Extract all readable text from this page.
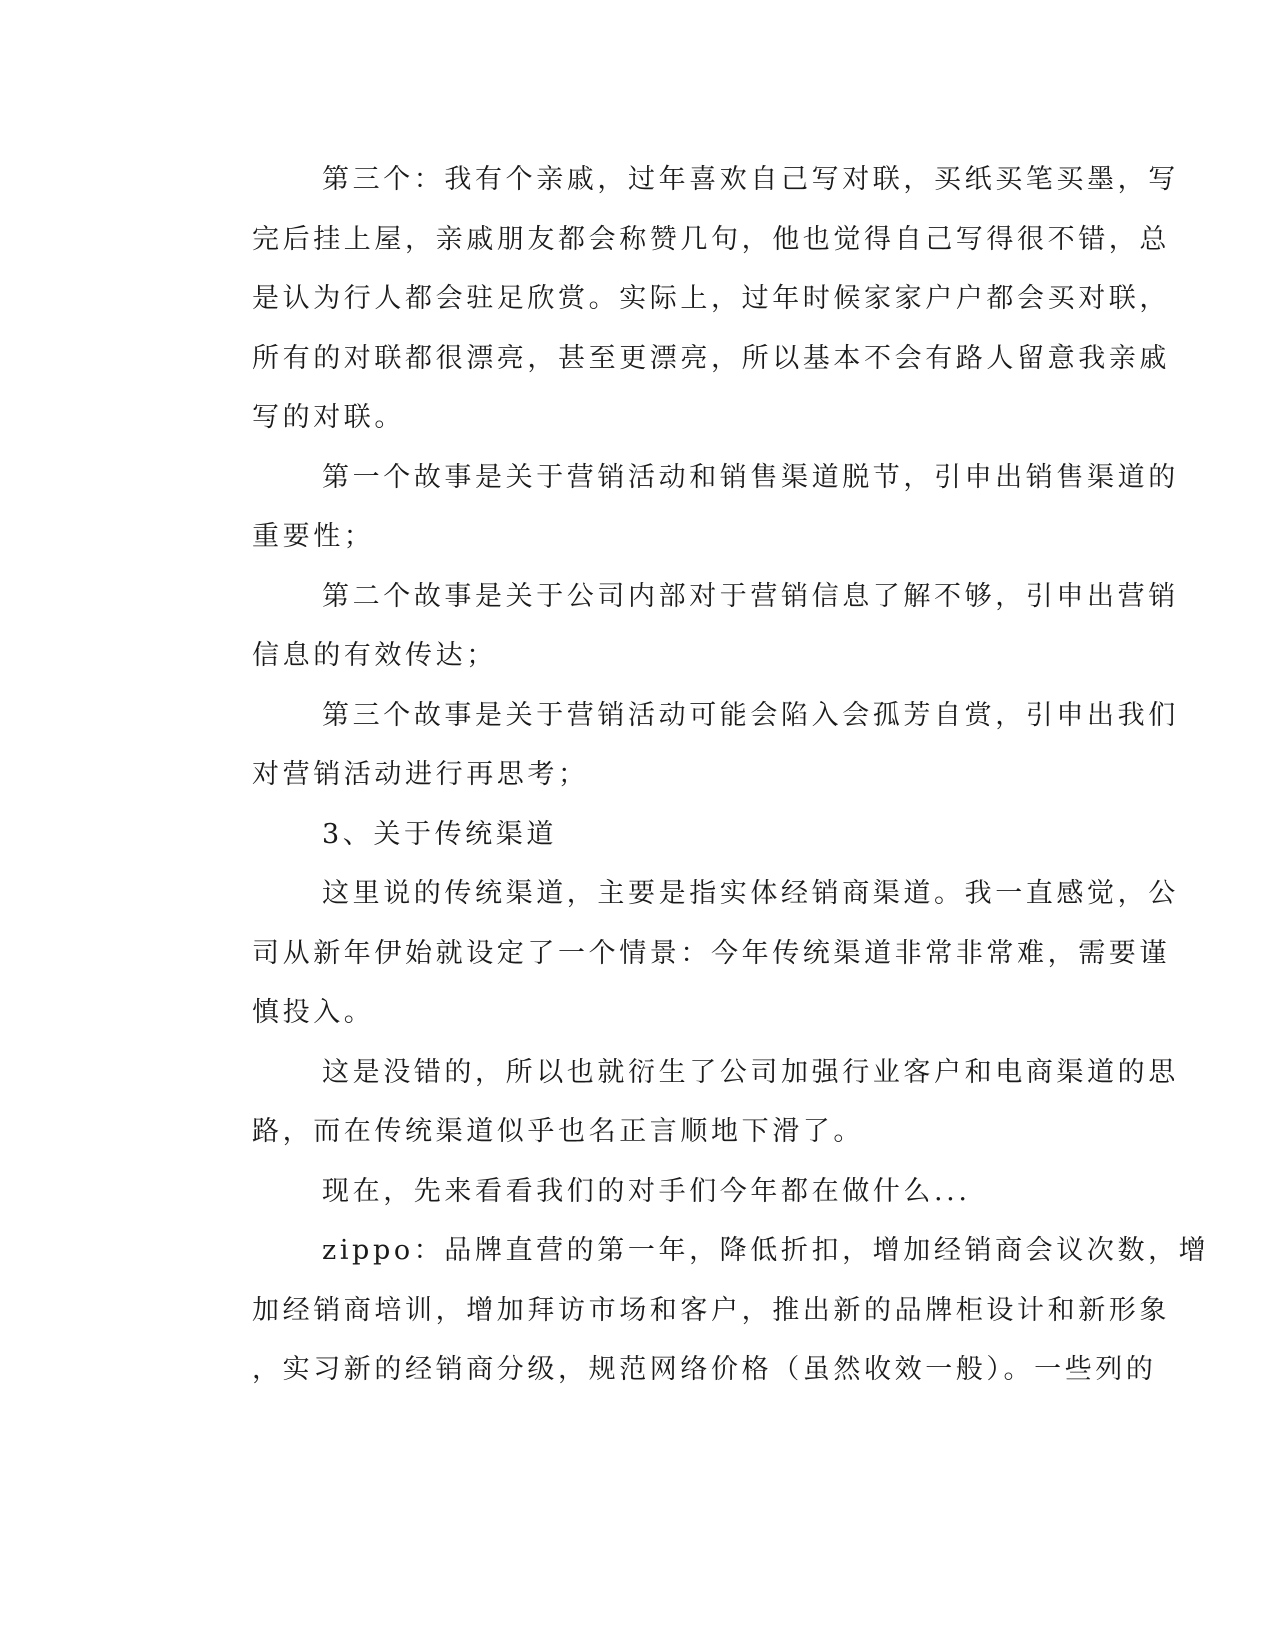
第三个：我有个亲戚，过年喜欢自己写对联，买纸买笔买墨，写
完后挂上屋，亲戚朋友都会称赞几句，他也觉得自己写得很不错，总
是认为行人都会驻足欣赏。实际上，过年时候家家户户都会买对联，
所有的对联都很漂亮，甚至更漂亮，所以基本不会有路人留意我亲戚
写的对联。
第一个故事是关于营销活动和销售渠道脱节，引申出销售渠道的
重要性；
第二个故事是关于公司内部对于营销信息了解不够，引申出营销
信息的有效传达；
第三个故事是关于营销活动可能会陷入会孤芳自赏，引申出我们
对营销活动进行再思考；
3、关于传统渠道
这里说的传统渠道，主要是指实体经销商渠道。我一直感觉，公
司从新年伊始就设定了一个情景：今年传统渠道非常非常难，需要谨
慎投入。
这是没错的，所以也就衍生了公司加强行业客户和电商渠道的思
路，而在传统渠道似乎也名正言顺地下滑了。
现在，先来看看我们的对手们今年都在做什么...
zippo：品牌直营的第一年，降低折扣，增加经销商会议次数，增
加经销商培训，增加拜访市场和客户，推出新的品牌柜设计和新形象
，实习新的经销商分级，规范网络价格（虽然收效一般）。一些列的
